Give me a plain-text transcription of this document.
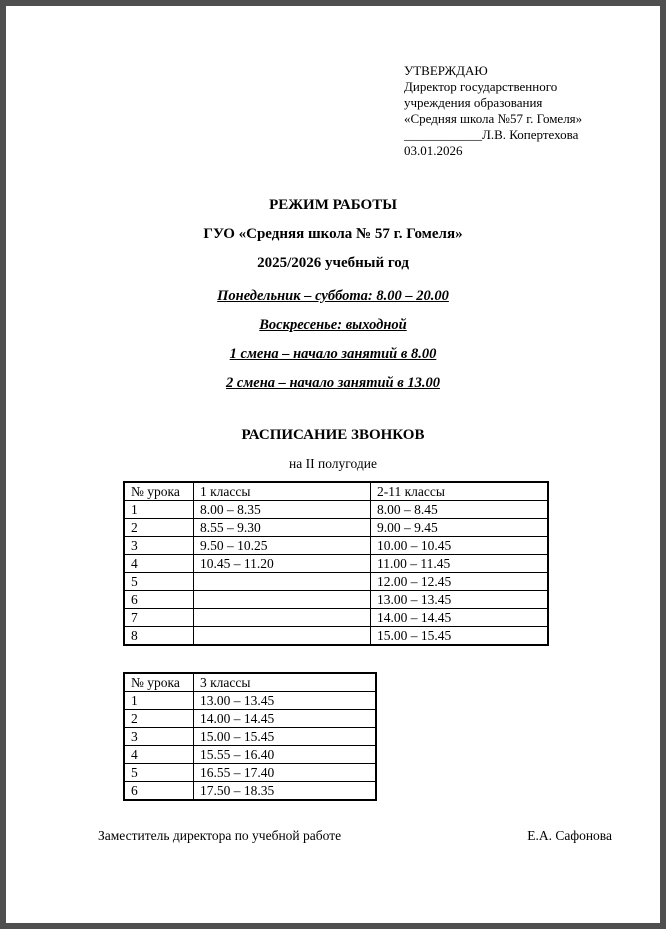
УТВЕРЖДАЮ
Директор государственного
учреждения образования
«Средняя школа №57 г. Гомеля»
____________Л.В. Копертехова
03.01.2026
РЕЖИМ РАБОТЫ
ГУО «Средняя школа № 57 г. Гомеля»
2025/2026 учебный год
Понедельник – суббота: 8.00 – 20.00
Воскресенье: выходной
1 смена – начало занятий в 8.00
2 смена – начало занятий в 13.00
РАСПИСАНИЕ ЗВОНКОВ
на II полугодие
№ урока	1 классы	2-11 классы
1	8.00 – 8.35	8.00 – 8.45
2	8.55 – 9.30	9.00 – 9.45
3	9.50 – 10.25	10.00 – 10.45
4	10.45 – 11.20	11.00 – 11.45
5		12.00 – 12.45
6		13.00 – 13.45
7		14.00 – 14.45
8		15.00 – 15.45
№ урока	3 классы
1	13.00 – 13.45
2	14.00 – 14.45
3	15.00 – 15.45
4	15.55 – 16.40
5	16.55 – 17.40
6	17.50 – 18.35
Заместитель директора по учебной работе	Е.А. Сафонова
